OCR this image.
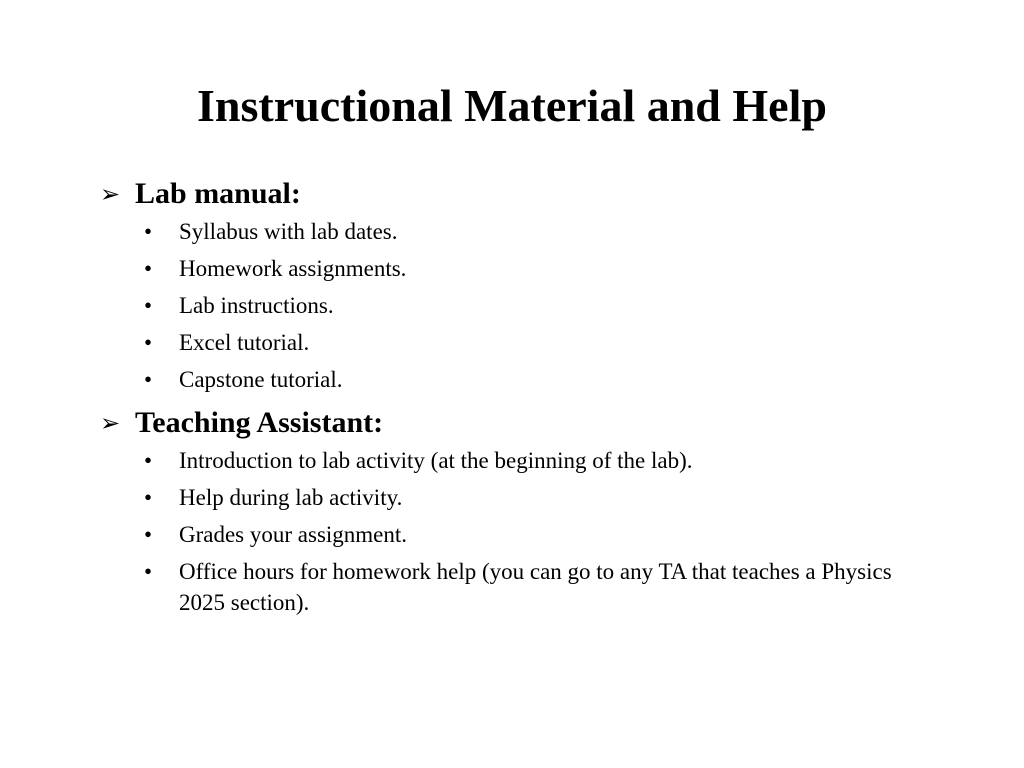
Instructional Material and Help
➢ Lab manual:
• Syllabus with lab dates.
• Homework assignments.
• Lab instructions.
• Excel tutorial.
• Capstone tutorial.
➢ Teaching Assistant:
• Introduction to lab activity (at the beginning of the lab).
• Help during lab activity.
• Grades your assignment.
• Office hours for homework help (you can go to any TA that teaches a Physics 2025 section).
